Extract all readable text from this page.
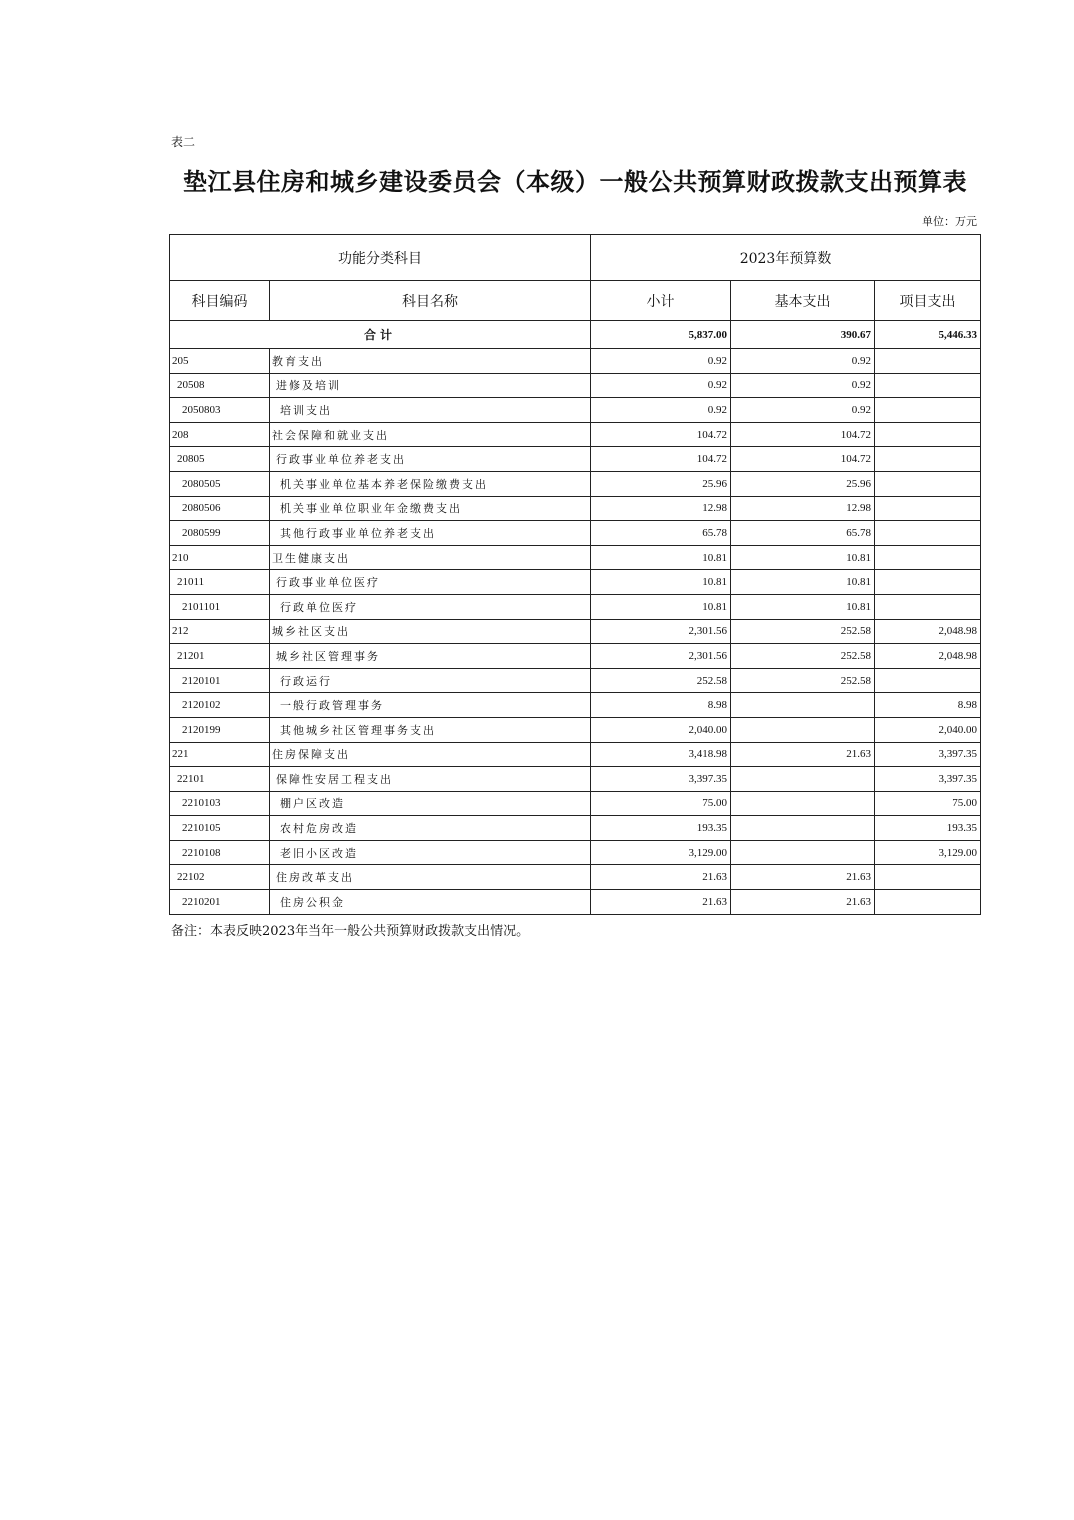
表二
垫江县住房和城乡建设委员会（本级）一般公共预算财政拨款支出预算表
单位：万元
功能分类科目		2023年预算数		
科目编码	科目名称	小计	基本支出	项目支出
合计		5,837.00	390.67	5,446.33
205	教育支出	0.92	0.92	
20508	进修及培训	0.92	0.92	
2050803	培训支出	0.92	0.92	
208	社会保障和就业支出	104.72	104.72	
20805	行政事业单位养老支出	104.72	104.72	
2080505	机关事业单位基本养老保险缴费支出	25.96	25.96	
2080506	机关事业单位职业年金缴费支出	12.98	12.98	
2080599	其他行政事业单位养老支出	65.78	65.78	
210	卫生健康支出	10.81	10.81	
21011	行政事业单位医疗	10.81	10.81	
2101101	行政单位医疗	10.81	10.81	
212	城乡社区支出	2,301.56	252.58	2,048.98
21201	城乡社区管理事务	2,301.56	252.58	2,048.98
2120101	行政运行	252.58	252.58	
2120102	一般行政管理事务	8.98		8.98
2120199	其他城乡社区管理事务支出	2,040.00		2,040.00
221	住房保障支出	3,418.98	21.63	3,397.35
22101	保障性安居工程支出	3,397.35		3,397.35
2210103	棚户区改造	75.00		75.00
2210105	农村危房改造	193.35		193.35
2210108	老旧小区改造	3,129.00		3,129.00
22102	住房改革支出	21.63	21.63	
2210201	住房公积金	21.63	21.63	
备注：本表反映2023年当年一般公共预算财政拨款支出情况。
